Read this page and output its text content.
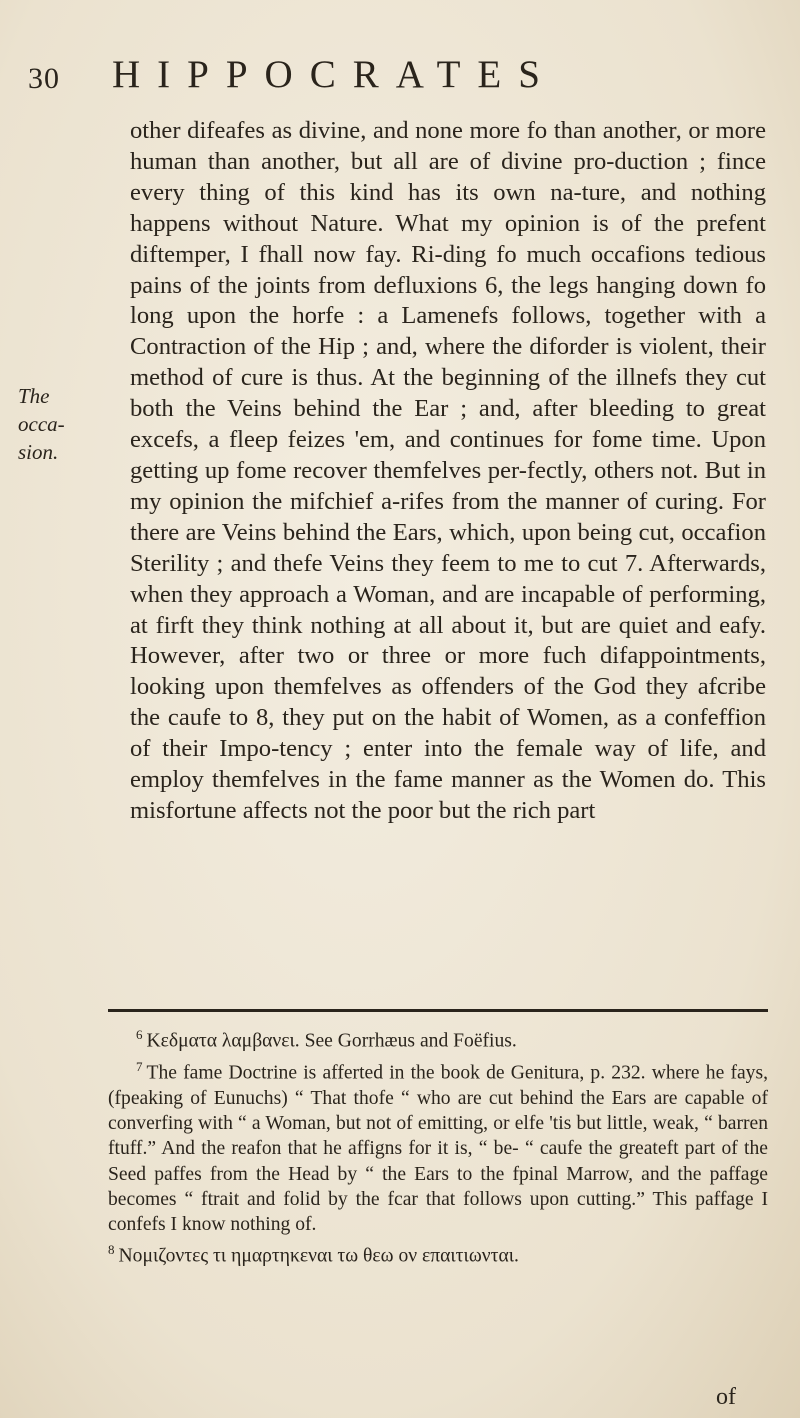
30 HIPPOCRATES
The occa-sion.

other difeafes as divine, and none more fo than another, or more human than another, but all are of divine pro-duction ; fince every thing of this kind has its own na-ture, and nothing happens without Nature. What my opinion is of the prefent diftemper, I fhall now fay. Ri-ding fo much occafions tedious pains of the joints from defluxions 6, the legs hanging down fo long upon the horfe : a Lamenefs follows, together with a Contraction of the Hip ; and, where the diforder is violent, their method of cure is thus. At the beginning of the illnefs they cut both the Veins behind the Ear ; and, after bleeding to great excefs, a fleep feizes 'em, and continues for fome time. Upon getting up fome recover themfelves per-fectly, others not. But in my opinion the mifchief a-rifes from the manner of curing. For there are Veins behind the Ears, which, upon being cut, occafion Sterility ; and thefe Veins they feem to me to cut 7. Afterwards, when they approach a Woman, and are incapable of performing, at firft they think nothing at all about it, but are quiet and eafy. However, after two or three or more fuch difappointments, looking upon themfelves as offenders of the God they afcribe the caufe to 8, they put on the habit of Women, as a confeffion of their Impo-tency ; enter into the female way of life, and employ themfelves in the fame manner as the Women do. This misfortune affects not the poor but the rich part

$^6$ Κεδματα λαμβανει. See Gorrhæus and Foëfius.

$^7$ The fame Doctrine is afferted in the book de Genitura, p. 232. where he fays, (fpeaking of Eunuchs) “ That thofe “ who are cut behind the Ears are capable of converfing with “ a Woman, but not of emitting, or elfe 'tis but little, weak, “ barren ftuff.” And the reafon that he affigns for it is, “ be- “ caufe the greateft part of the Seed paffes from the Head by “ the Ears to the fpinal Marrow, and the paffage becomes “ ftrait and folid by the fcar that follows upon cutting.” This paffage I confefs I know nothing of.

$^8$ Νομιζοντες τι ημαρτηκεναι τω θεω ον επαιτιωνται.

of
